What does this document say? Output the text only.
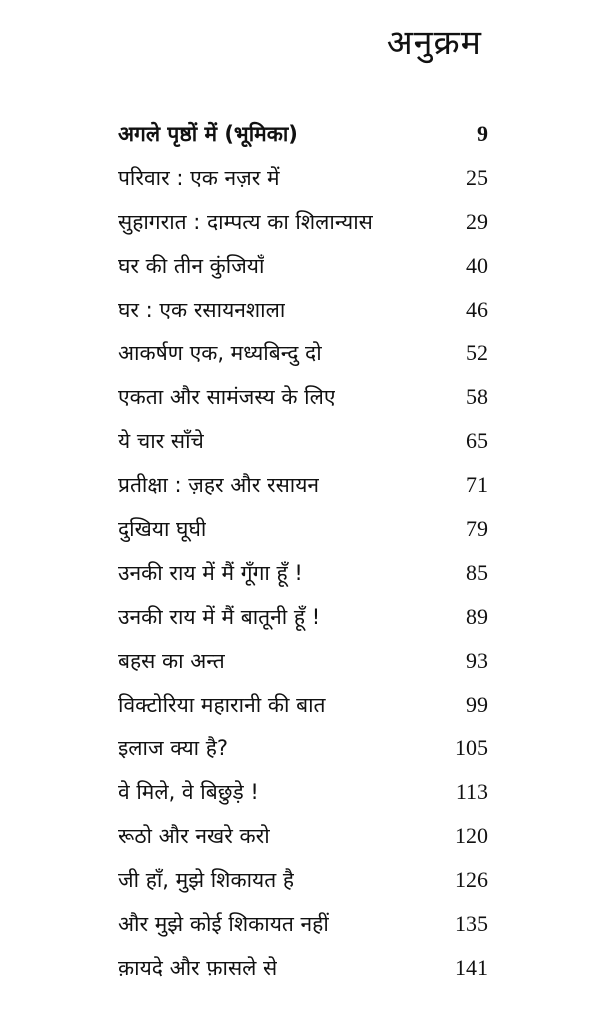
अनुक्रम
अगले पृष्ठों में (भूमिका)	9
परिवार : एक नज़र में	25
सुहागरात : दाम्पत्य का शिलान्यास	29
घर की तीन कुंजियाँ	40
घर : एक रसायनशाला	46
आकर्षण एक, मध्यबिन्दु दो	52
एकता और सामंजस्य के लिए	58
ये चार साँचे	65
प्रतीक्षा : ज़हर और रसायन	71
दुखिया घूघी	79
उनकी राय में मैं गूँगा हूँ !	85
उनकी राय में मैं बातूनी हूँ !	89
बहस का अन्त	93
विक्टोरिया महारानी की बात	99
इलाज क्या है?	105
वे मिले, वे बिछुड़े !	113
रूठो और नखरे करो	120
जी हाँ, मुझे शिकायत है	126
और मुझे कोई शिकायत नहीं	135
क़ायदे और फ़ासले से	141
